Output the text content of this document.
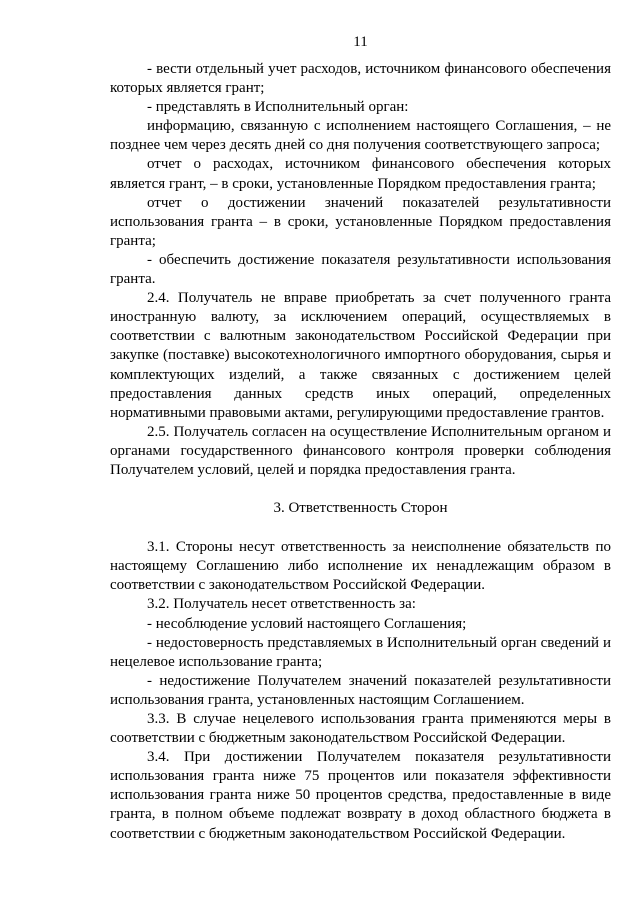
11

- вести отдельный учет расходов, источником финансового обеспечения которых является грант;

- представлять в Исполнительный орган:

информацию, связанную с исполнением настоящего Соглашения, – не позднее чем через десять дней со дня получения соответствующего запроса;

отчет о расходах, источником финансового обеспечения которых является грант, – в сроки, установленные Порядком предоставления гранта;

отчет о достижении значений показателей результативности использования гранта – в сроки, установленные Порядком предоставления гранта;

- обеспечить достижение показателя результативности использования гранта.

2.4. Получатель не вправе приобретать за счет полученного гранта иностранную валюту, за исключением операций, осуществляемых в соответствии с валютным законодательством Российской Федерации при закупке (поставке) высокотехнологичного импортного оборудования, сырья и комплектующих изделий, а также связанных с достижением целей предоставления данных средств иных операций, определенных нормативными правовыми актами, регулирующими предоставление грантов.

2.5. Получатель согласен на осуществление Исполнительным органом и органами государственного финансового контроля проверки соблюдения Получателем условий, целей и порядка предоставления гранта.

3. Ответственность Сторон

3.1. Стороны несут ответственность за неисполнение обязательств по настоящему Соглашению либо исполнение их ненадлежащим образом в соответствии с законодательством Российской Федерации.

3.2. Получатель несет ответственность за:

- несоблюдение условий настоящего Соглашения;

- недостоверность представляемых в Исполнительный орган сведений и нецелевое использование гранта;

- недостижение Получателем значений показателей результативности использования гранта, установленных настоящим Соглашением.

3.3. В случае нецелевого использования гранта применяются меры в соответствии с бюджетным законодательством Российской Федерации.

3.4. При достижении Получателем показателя результативности использования гранта ниже 75 процентов или показателя эффективности использования гранта ниже 50 процентов средства, предоставленные в виде гранта, в полном объеме подлежат возврату в доход областного бюджета в соответствии с бюджетным законодательством Российской Федерации.
